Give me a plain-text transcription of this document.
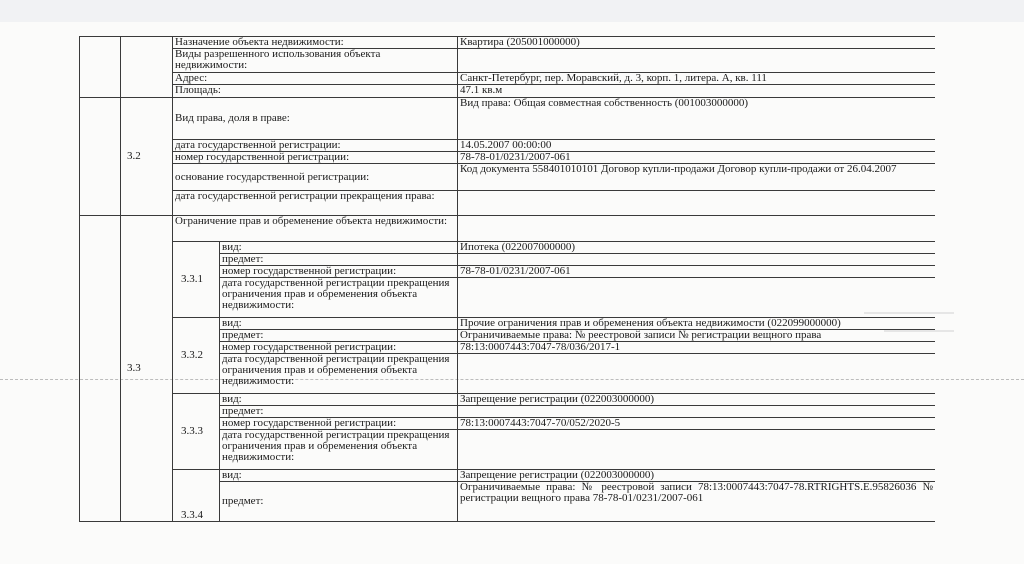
		Назначение объекта недвижимости:		Квартира (205001000000)
		Виды разрешенного использования объекта недвижимости:		
		Адрес:		Санкт-Петербург, пер. Моравский, д. 3, корп. 1, литера. А, кв. 111
		Площадь:		47.1 кв.м
	3.2	Вид права, доля в праве:		Вид права: Общая совместная собственность (001003000000)
		дата государственной регистрации:		14.05.2007 00:00:00
		номер государственной регистрации:		78-78-01/0231/2007-061
		основание государственной регистрации:		Код документа 558401010101 Договор купли-продажи Договор купли-продажи от 26.04.2007
		дата государственной регистрации прекращения права:		
	3.3	Ограничение прав и обременение объекта недвижимости:		
		3.3.1	вид:	Ипотека (022007000000)
			предмет:	
			номер государственной регистрации:	78-78-01/0231/2007-061
			дата государственной регистрации прекращения ограничения прав и обременения объекта недвижимости:	
		3.3.2	вид:	Прочие ограничения прав и обременения объекта недвижимости (022099000000)
			предмет:	Ограничиваемые права: № реестровой записи № регистрации вещного права
			номер государственной регистрации:	78:13:0007443:7047-78/036/2017-1
			дата государственной регистрации прекращения ограничения прав и обременения объекта недвижимости:	
		3.3.3	вид:	Запрещение регистрации (022003000000)
			предмет:	
			номер государственной регистрации:	78:13:0007443:7047-70/052/2020-5
			дата государственной регистрации прекращения ограничения прав и обременения объекта недвижимости:	
		3.3.4	вид:	Запрещение регистрации (022003000000)
			предмет:	Ограничиваемые права: № реестровой записи 78:13:0007443:7047-78.RTRIGHTS.E.95826036 № регистрации вещного права 78-78-01/0231/2007-061
